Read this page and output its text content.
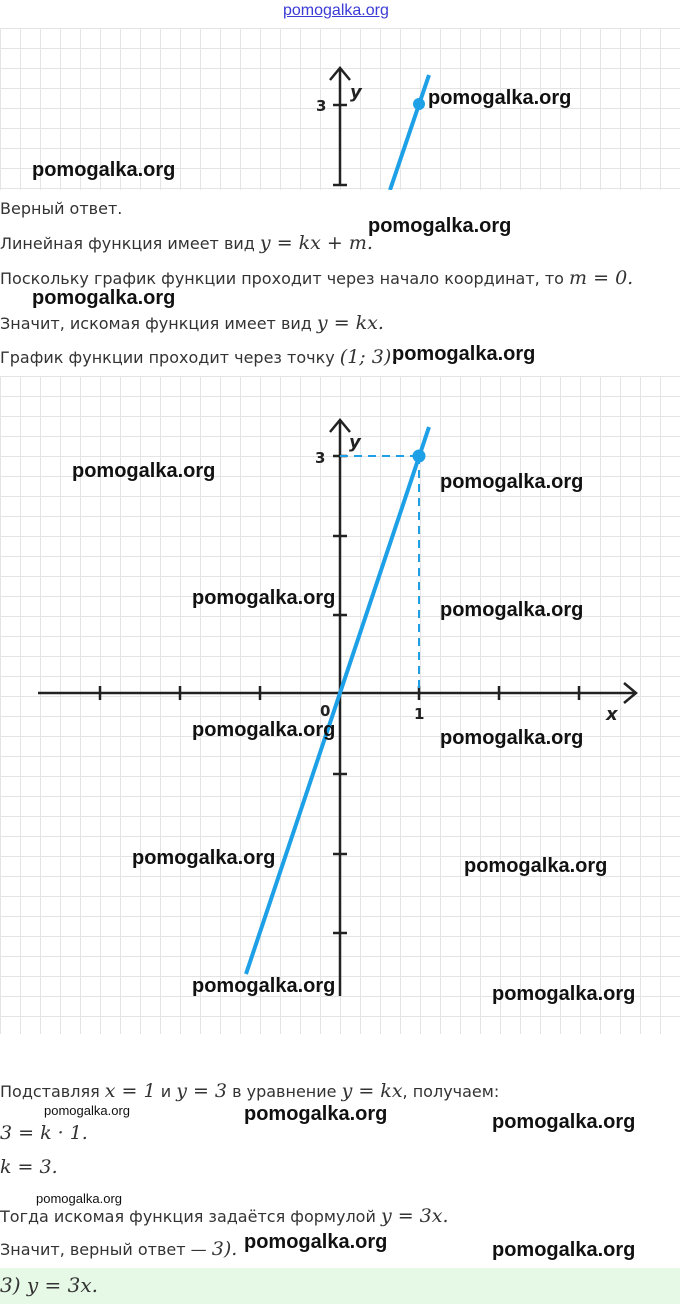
pomogalka.org
3
y
Верный ответ.
Линейная функция имеет вид y = kx + m.
Поскольку график функции проходит через начало координат, то m = 0.
Значит, искомая функция имеет вид y = kx.
График функции проходит через точку (1; 3).
3
1
0	x
y
Подставляя x = 1 и y = 3 в уравнение y = kx, получаем:
3 = k · 1.
k = 3.
Тогда искомая функция задаётся формулой y = 3x.
Значит, верный ответ — 3).
3) y = 3x.
pomogalka.org
pomogalka.org
pomogalka.org
pomogalka.org
pomogalka.org
pomogalka.org	pomogalka.org
pomogalka.org
pomogalka.org
pomogalka.org	pomogalka.org
pomogalka.org	pomogalka.org
pomogalka.org	pomogalka.org
pomogalka.org	pomogalka.org	pomogalka.org
pomogalka.org
pomogalka.org	pomogalka.org
